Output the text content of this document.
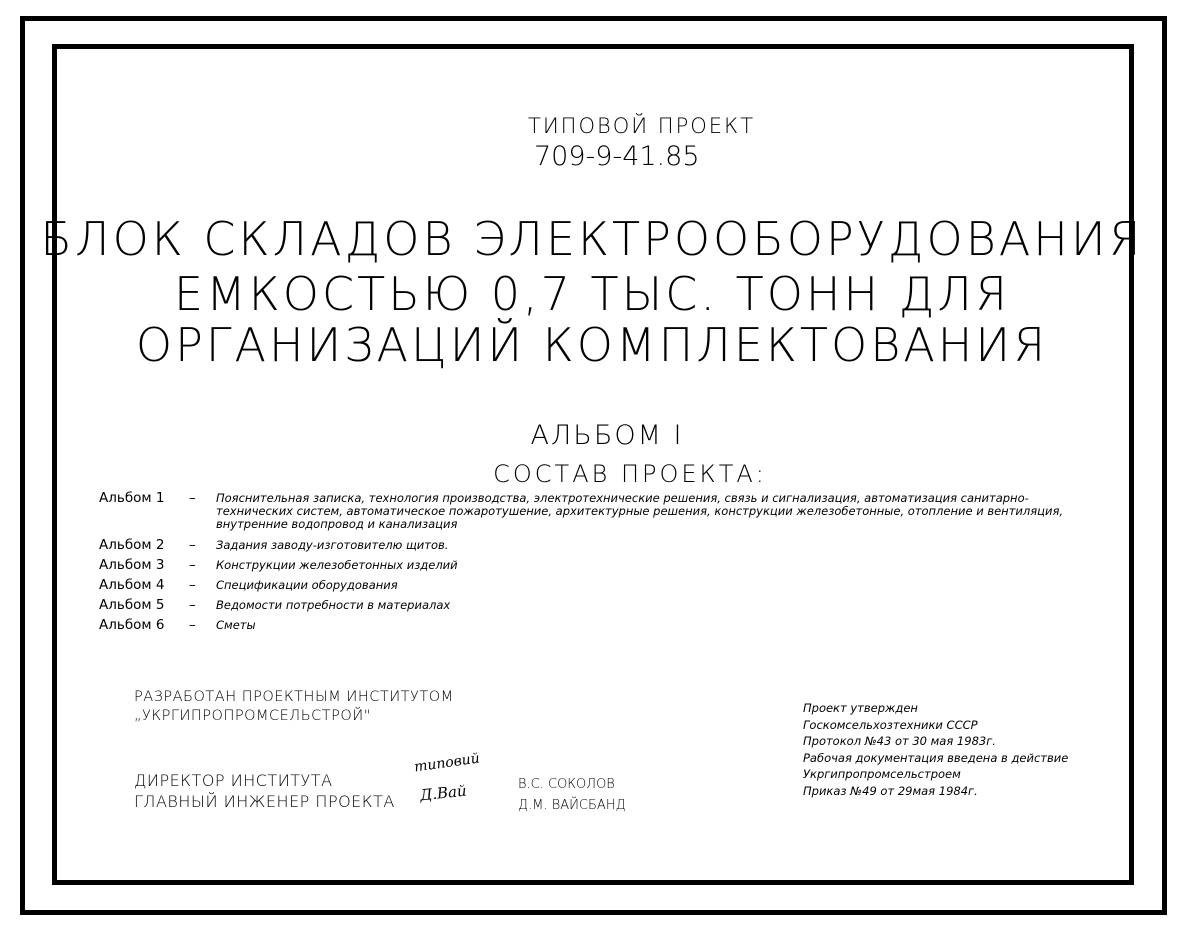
ТИПОВОЙ ПРОЕКТ
709-9-41.85
БЛОК СКЛАДОВ ЭЛЕКТРООБОРУДОВАНИЯ
ЕМКОСТЬЮ 0,7 ТЫС. ТОНН ДЛЯ
ОРГАНИЗАЦИЙ КОМПЛЕКТОВАНИЯ
АЛЬБОМ I
СОСТАВ ПРОЕКТА:
Альбом 1 – Пояснительная записка, технология производства, электротехнические решения, связь и сигнализация, автоматизация санитарно-технических систем, автоматическое пожаротушение, архитектурные решения, конструкции железобетонные, отопление и вентиляция, внутренние водопровод и канализация
Альбом 2 – Задания заводу-изготовителю щитов.
Альбом 3 – Конструкции железобетонных изделий
Альбом 4 – Спецификации оборудования
Альбом 5 – Ведомости потребности в материалах
Альбом 6 – Сметы
РАЗРАБОТАН ПРОЕКТНЫМ ИНСТИТУТОМ
„УКРГИПРОПРОМСЕЛЬСТРОЙ"
ДИРЕКТОР ИНСТИТУТА
ГЛАВНЫЙ ИНЖЕНЕР ПРОЕКТА
типовий
Д.Вай	В.С. СОКОЛОВ
Д.М. ВАЙСБАНД
Проект утвержден
Госкомсельхозтехники СССР
Протокол №43 от 30 мая 1983г.
Рабочая документация введена в действие
Укргипропромсельстроем
Приказ №49 от 29мая 1984г.
